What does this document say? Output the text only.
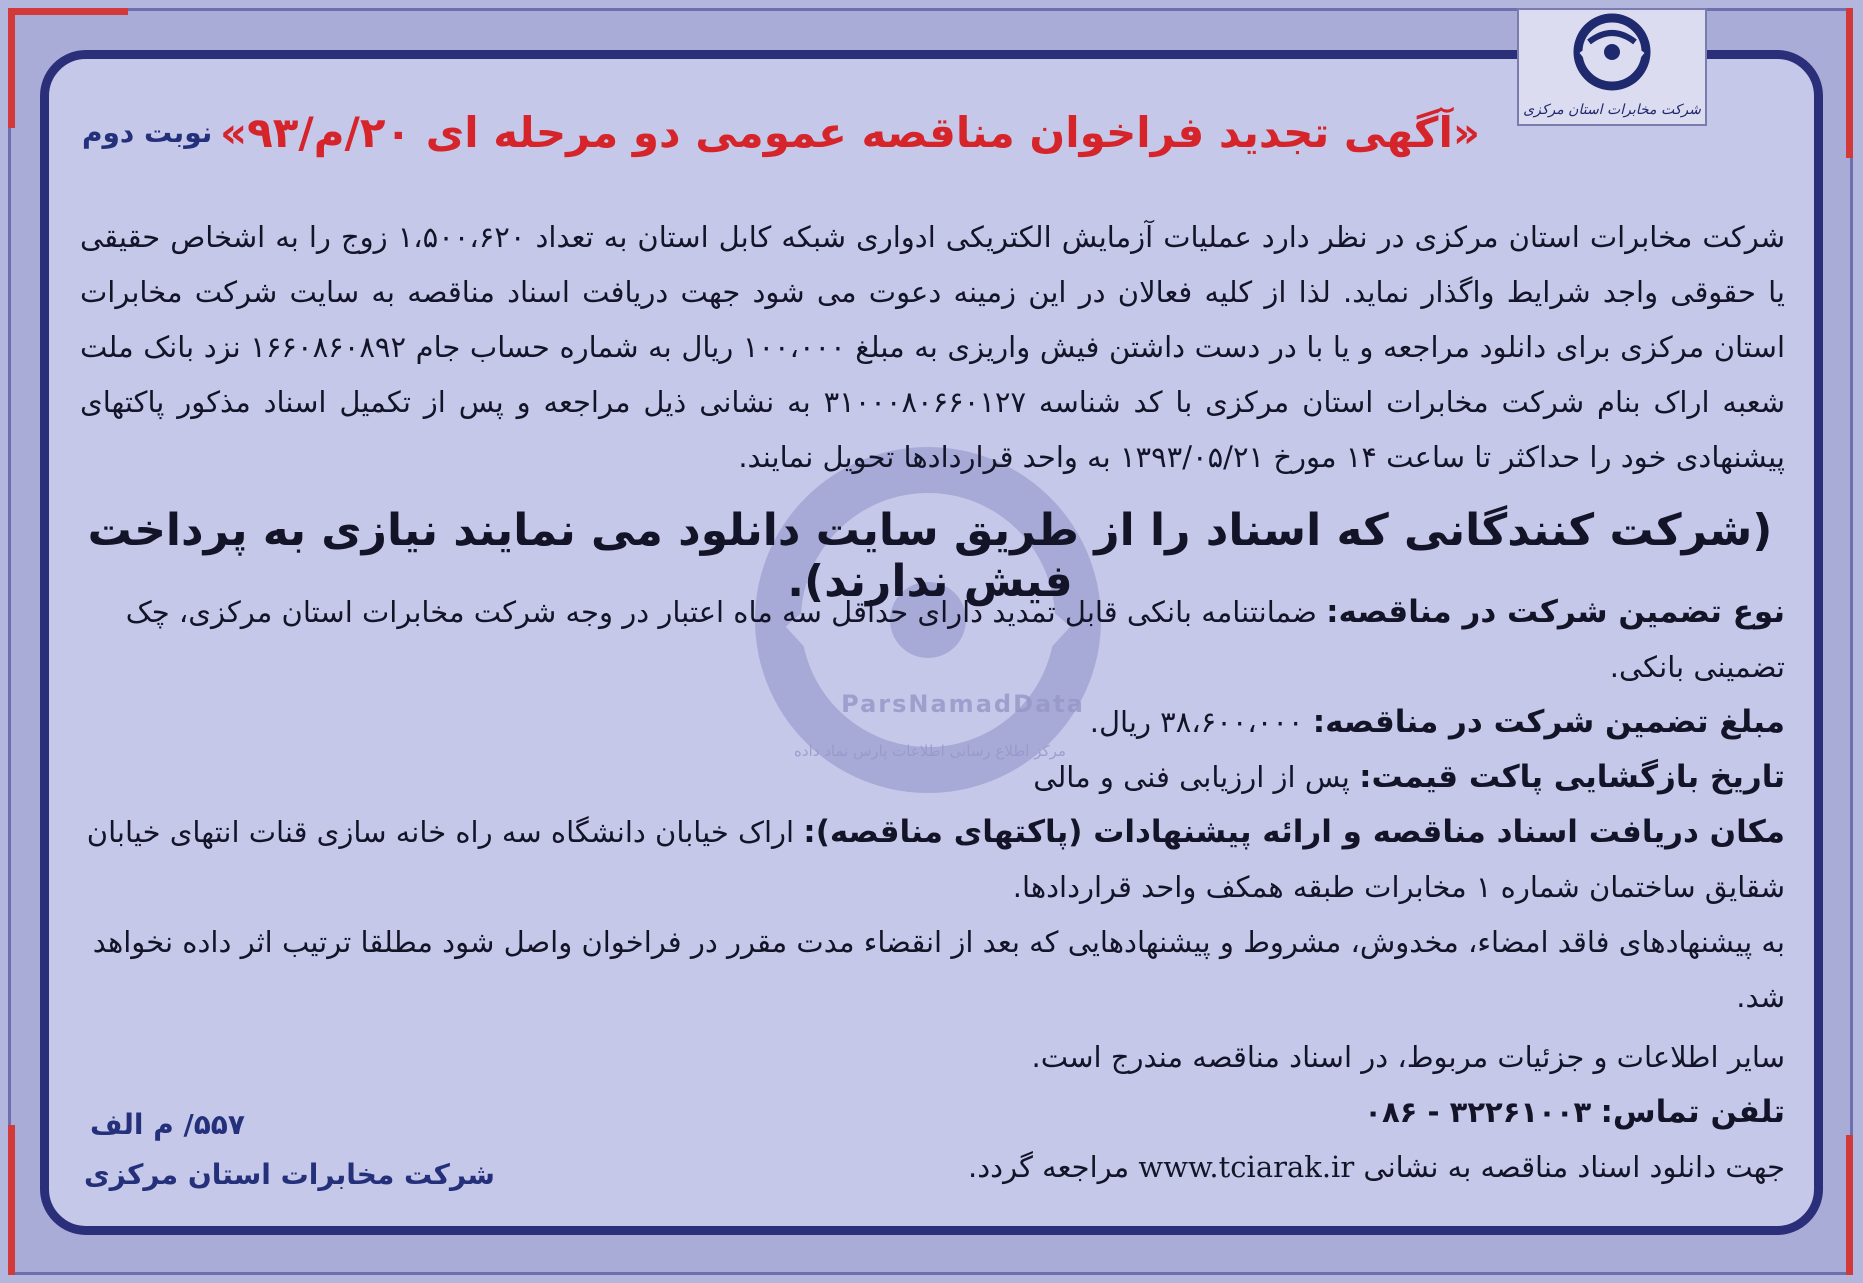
شرکت مخابرات استان مرکزی
ParsNamadData
مرکز اطلاع رسانی اطلاعات پارس نماد داده
«آگهی تجدید فراخوان مناقصه عمومی دو مرحله ای ۲۰/م/۹۳»
نوبت دوم
شرکت مخابرات استان مرکزی در نظر دارد عملیات آزمایش الکتریکی ادواری شبکه کابل استان به تعداد ۱،۵۰۰،۶۲۰ زوج را به اشخاص حقیقی یا حقوقی واجد شرایط واگذار نماید. لذا از کلیه فعالان در این زمینه دعوت می شود جهت دریافت اسناد مناقصه به سایت شرکت مخابرات استان مرکزی برای دانلود مراجعه و یا با در دست داشتن فیش واریزی به مبلغ ۱۰۰،۰۰۰ ریال به شماره حساب جام ۱۶۶۰۸۶۰۸۹۲ نزد بانک ملت شعبه اراک بنام شرکت مخابرات استان مرکزی با کد شناسه ۳۱۰۰۰۸۰۶۶۰۱۲۷ به نشانی ذیل مراجعه و پس از تکمیل اسناد مذکور پاکتهای پیشنهادی خود را حداکثر تا ساعت ۱۴ مورخ ۱۳۹۳/۰۵/۲۱ به واحد قراردادها تحویل نمایند.
(شرکت کنندگانی که اسناد را از طریق سایت دانلود می نمایند نیازی به پرداخت فیش ندارند).
نوع تضمین شرکت در مناقصه: ضمانتنامه بانکی قابل تمدید دارای حداقل سه ماه اعتبار در وجه شرکت مخابرات استان مرکزی، چک تضمینی بانکی.
مبلغ تضمین شرکت در مناقصه: ۳۸،۶۰۰،۰۰۰ ریال.
تاریخ بازگشایی پاکت قیمت: پس از ارزیابی فنی و مالی
مکان دریافت اسناد مناقصه و ارائه پیشنهادات (پاکتهای مناقصه): اراک خیابان دانشگاه سه راه خانه سازی قنات انتهای خیابان شقایق ساختمان شماره ۱ مخابرات طبقه همکف واحد قراردادها.
به پیشنهادهای فاقد امضاء، مخدوش، مشروط و پیشنهادهایی که بعد از انقضاء مدت مقرر در فراخوان واصل شود مطلقا ترتیب اثر داده نخواهد شد.
سایر اطلاعات و جزئیات مربوط، در اسناد مناقصه مندرج است.
تلفن تماس: ۳۲۲۶۱۰۰۳ - ۰۸۶
جهت دانلود اسناد مناقصه به نشانی www.tciarak.ir مراجعه گردد.
۵۵۷/ م الف
شرکت مخابرات استان مرکزی
